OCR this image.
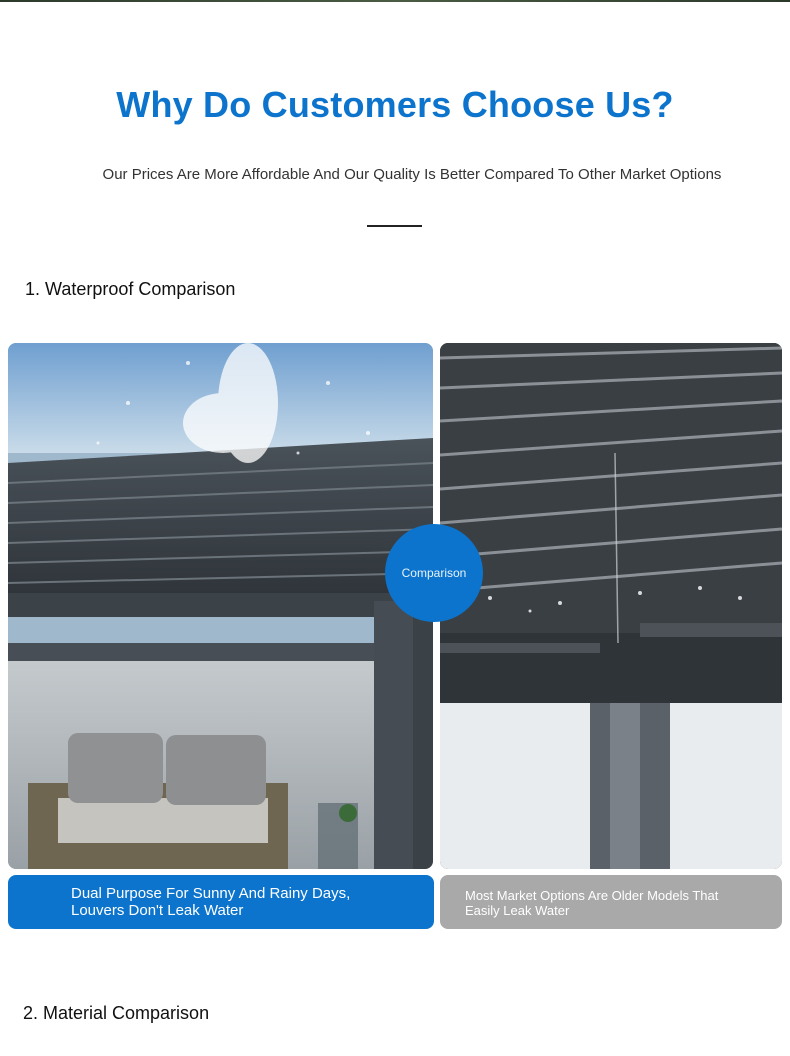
Why Do Customers Choose Us?
Our Prices Are More Affordable And Our Quality Is Better Compared To Other Market Options
1. Waterproof Comparison
Comparison
Dual Purpose For Sunny And Rainy Days,
Louvers Don't Leak Water
Most Market Options Are Older Models That
Easily Leak Water
2. Material Comparison
